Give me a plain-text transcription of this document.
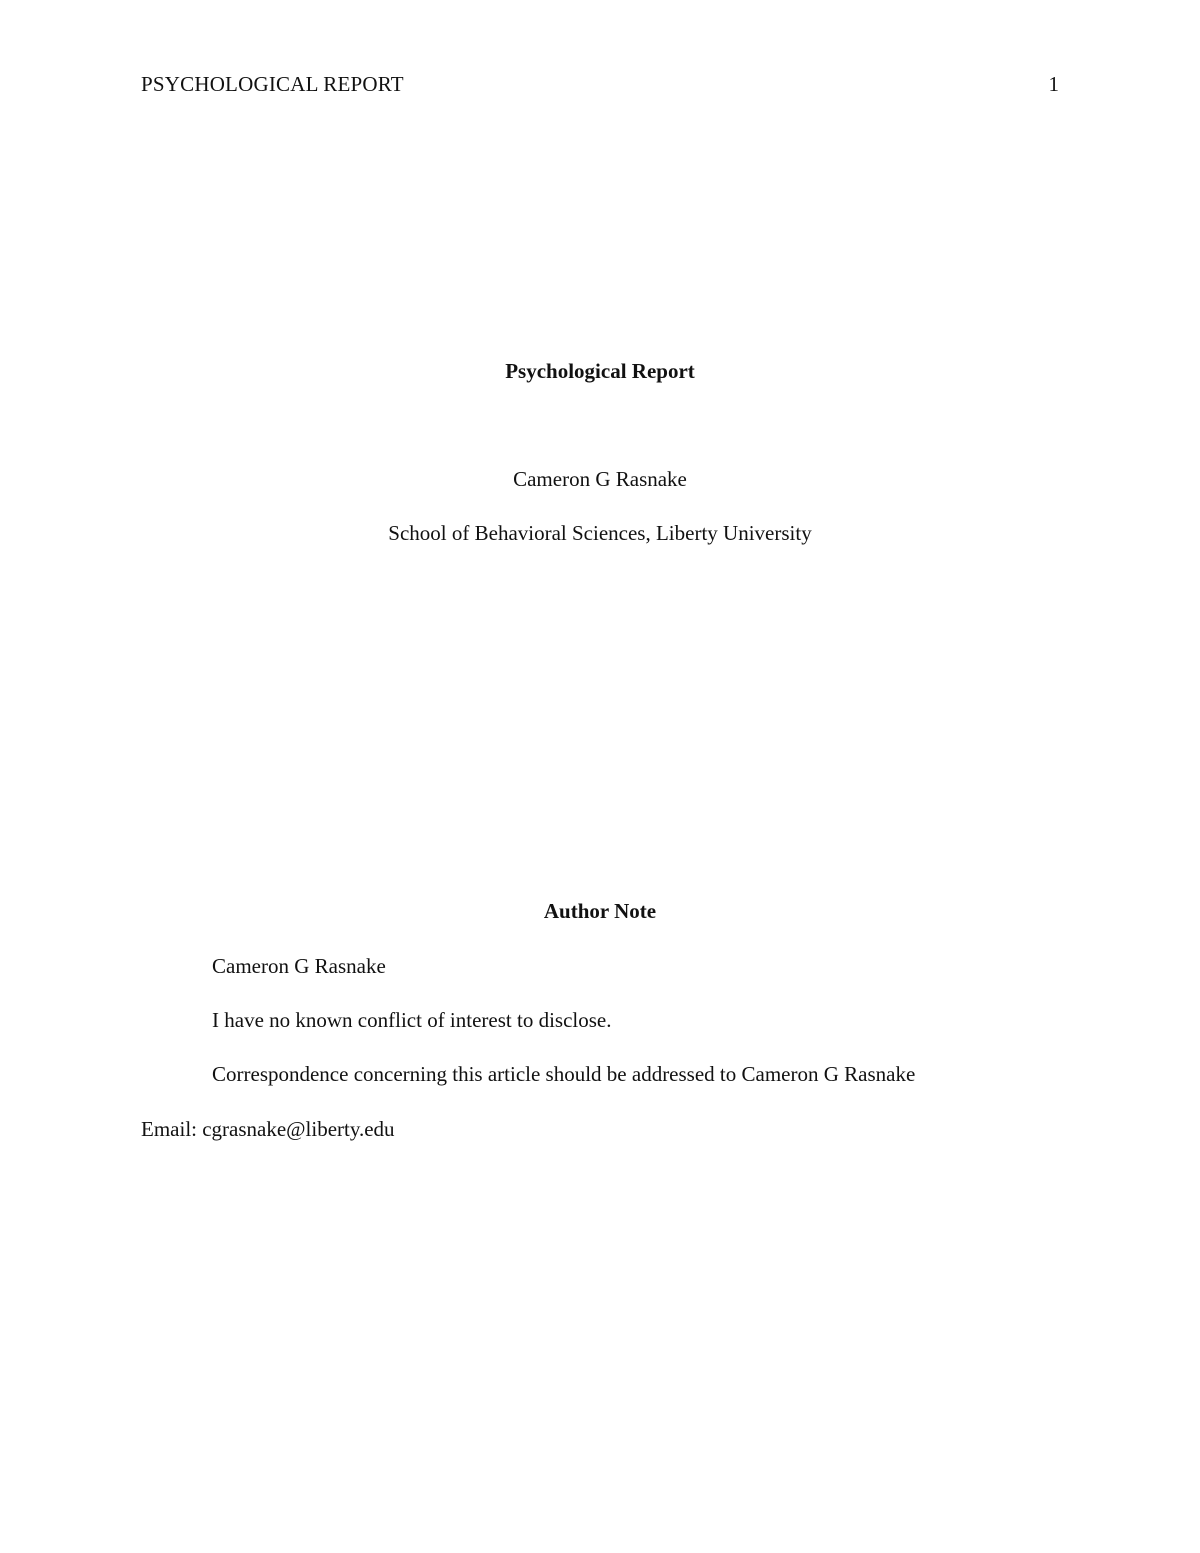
PSYCHOLOGICAL REPORT	1
Psychological Report
Cameron G Rasnake
School of Behavioral Sciences, Liberty University
Author Note
Cameron G Rasnake
I have no known conflict of interest to disclose.
Correspondence concerning this article should be addressed to Cameron G Rasnake
Email: cgrasnake@liberty.edu
